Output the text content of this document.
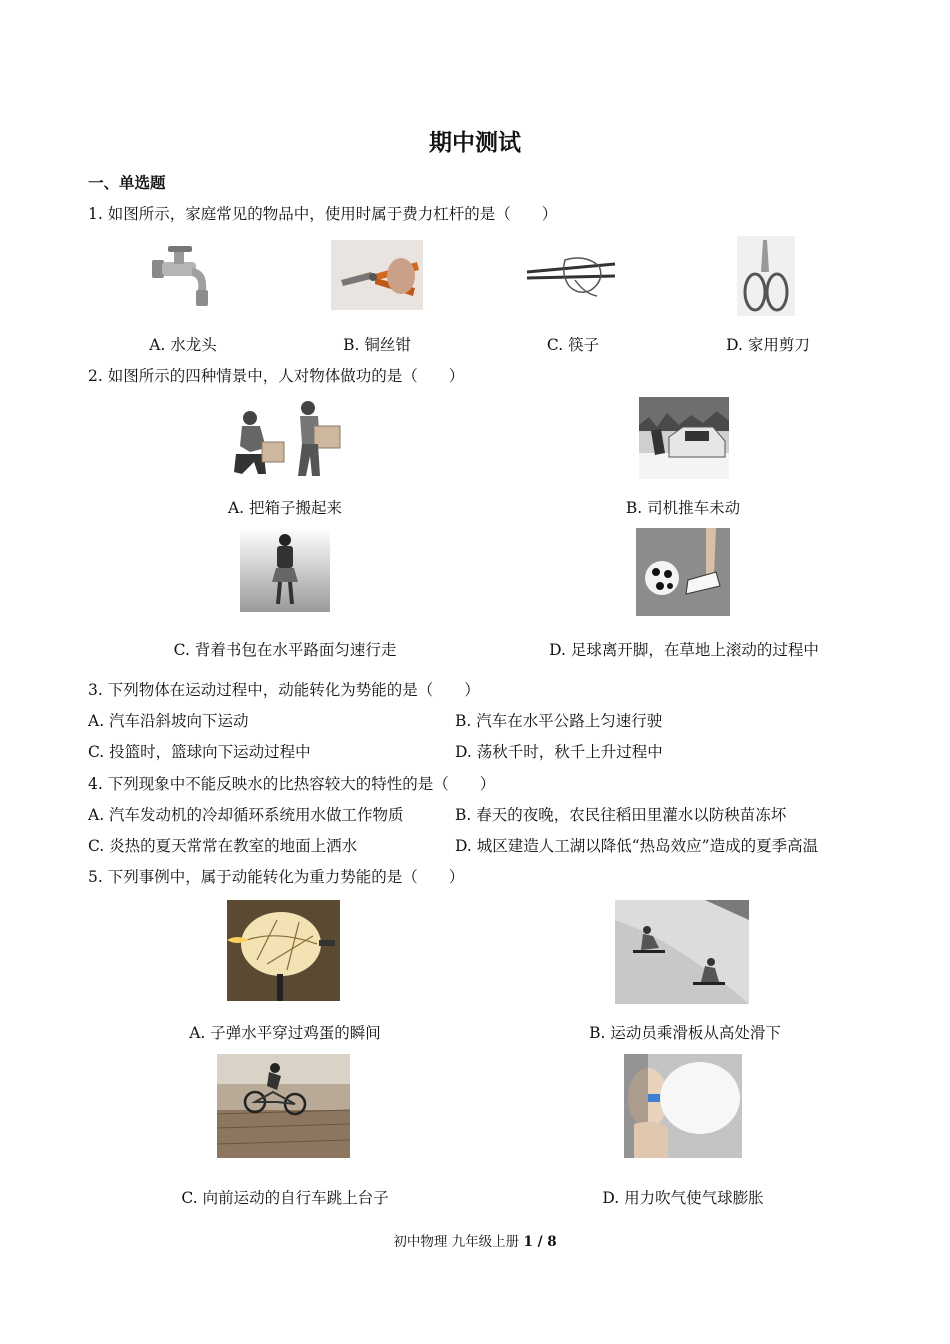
期中测试
一、单选题
1. 如图所示，家庭常见的物品中，使用时属于费力杠杆的是（　　）
A. 水龙头	B. 铜丝钳	C. 筷子	D. 家用剪刀
2. 如图所示的四种情景中，人对物体做功的是（　　）
A. 把箱子搬起来	B. 司机推车未动
C. 背着书包在水平路面匀速行走	D. 足球离开脚，在草地上滚动的过程中
3. 下列物体在运动过程中，动能转化为势能的是（　　）
A. 汽车沿斜坡向下运动	B. 汽车在水平公路上匀速行驶
C. 投篮时，篮球向下运动过程中	D. 荡秋千时，秋千上升过程中
4. 下列现象中不能反映水的比热容较大的特性的是（　　）
A. 汽车发动机的冷却循环系统用水做工作物质	B. 春天的夜晚，农民往稻田里灌水以防秧苗冻坏
C. 炎热的夏天常常在教室的地面上洒水	D. 城区建造人工湖以降低“热岛效应”造成的夏季高温
5. 下列事例中，属于动能转化为重力势能的是（　　）
A. 子弹水平穿过鸡蛋的瞬间	B. 运动员乘滑板从高处滑下
C. 向前运动的自行车跳上台子	D. 用力吹气使气球膨胀
初中物理 九年级上册 1 / 8
